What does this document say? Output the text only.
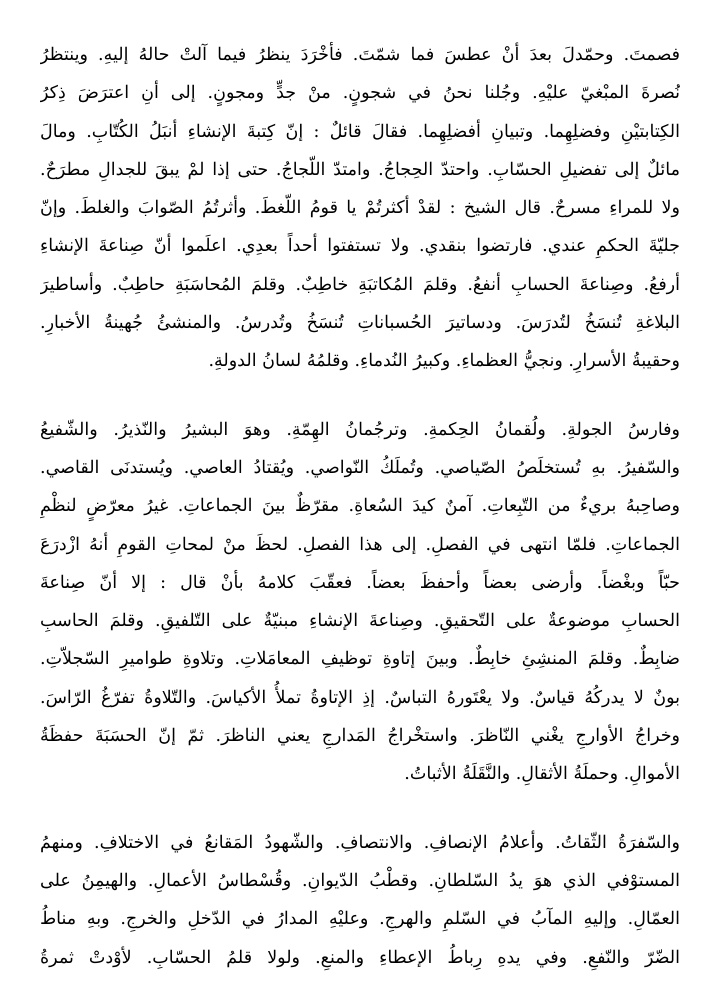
فصمتَ. وحمّدلَ بعدَ أنْ عطسَ فما شمّتَ. فأخْرَدَ ينظرُ فيما آلتْ حالهُ إليهِ. وينتظرُ
نُصرةَ المبْغيّ عليْهِ. وجُلنا نحنُ في شجونٍ. منْ جدٍّ ومجونٍ. إلى أنِ اعترَضَ ذِكرُ
الكِتابتيْنِ وفضلِهِما. وتبيانِ أفضلِهِما. فقالَ قائلٌ : إنّ كِتبةَ الإنشاءِ أنبَلُ الكُتّابِ. ومالَ
مائلٌ إلى تفضيلِ الحسّابِ. واحتدّ الحِجاجُ. وامتدّ اللّجاجُ. حتى إذا لمْ يبقَ للجدالِ مطرَحٌ.
ولا للمراءِ مسرحٌ. قال الشيخ : لقدْ أكثرتُمْ يا قومُ اللّغطَ. وأثرتُمُ الصّوابَ والغلطَ. وإنّ
جليّةَ الحكمِ عندي. فارتضوا بنقدي. ولا تستفتوا أحداً بعدِي. اعلَموا أنّ صِناعةَ الإنشاءِ
أرفعُ. وصِناعةَ الحسابِ أنفعُ. وقلمَ المُكاتبَةِ خاطِبٌ. وقلمَ المُحاسَبَةِ حاطِبٌ. وأساطيرَ
البلاغةِ تُنسَخُ لتُدرَسَ. ودساتيرَ الحُسباناتِ تُنسَخُ وتُدرسُ. والمنشئُ جُهينةُ الأخبارِ.
وحقيبةُ الأسرارِ. ونجيُّ العظماءِ. وكبيرُ النُدماءِ. وقلمُهُ لسانُ الدولةِ.
وفارسُ الجولةِ. ولُقمانُ الحِكمةِ. وترجُمانُ الهِمّةِ. وهوَ البشيرُ والنّذيرُ. والشّفيعُ
والسّفيرُ. بهِ تُستخلَصُ الصّياصي. وتُملَكُ النّواصي. ويُقتادُ العاصي. ويُستدنَى القاصي.
وصاحِبهُ بريءٌ من التّبِعاتِ. آمنٌ كيدَ السُعاةِ. مقرّظٌ بينَ الجماعاتِ. غيرُ معرّضٍ لنظْمِ
الجماعاتِ. فلمّا انتهى في الفصلِ. إلى هذا الفصلِ. لحظَ منْ لمحاتِ القومِ أنهُ ازْدرَعَ
حبّاً وبغْضاً. وأرضى بعضاً وأحفظَ بعضاً. فعقّبَ كلامهُ بأنْ قال : إلا أنّ صِناعةَ
الحسابِ موضوعةٌ على التّحقيقِ. وصِناعةَ الإنشاءِ مبنيّةٌ على التّلفيقِ. وقلمَ الحاسبِ
ضابِطٌ. وقلمَ المنشِئِ خابِطٌ. وبينَ إتاوةِ توظيفِ المعامَلاتِ. وتلاوةِ طواميرِ السّجلاّتِ.
بونٌ لا يدركُهُ قياسٌ. ولا يعْتَورهُ التباسٌ. إذِ الإتاوةُ تملأُ الأكياسَ. والتّلاوةُ تفرّغُ الرّاسَ.
وخراجُ الأوارجِ يغْني النّاظرَ. واستخْراجُ المَدارجِ يعني الناظرَ. ثمّ إنّ الحسَبَةَ حفظَةُ
الأموالِ. وحملَةُ الأثقالِ. والنَّقَلَةُ الأثباتُ.
والسّفرَةُ الثّقاتُ. وأعلامُ الإنصافِ. والانتصافِ. والشّهودُ المَقانعُ في الاختلافِ. ومنهمُ
المستوْفي الذي هوَ يدُ السّلطانِ. وقطْبُ الدّيوانِ. وقُسْطاسُ الأعمالِ. والهيمِنُ على
العمّالِ. وإليهِ المآبُ في السّلمِ والهرجِ. وعليْهِ المدارُ في الدّخلِ والخرجِ. وبهِ مناطُ
الضّرّ والنّفعِ. وفي يدهِ رِباطُ الإعطاءِ والمنعِ. ولولا قلمُ الحسّابِ. لأوْدتْ ثمرةُ
